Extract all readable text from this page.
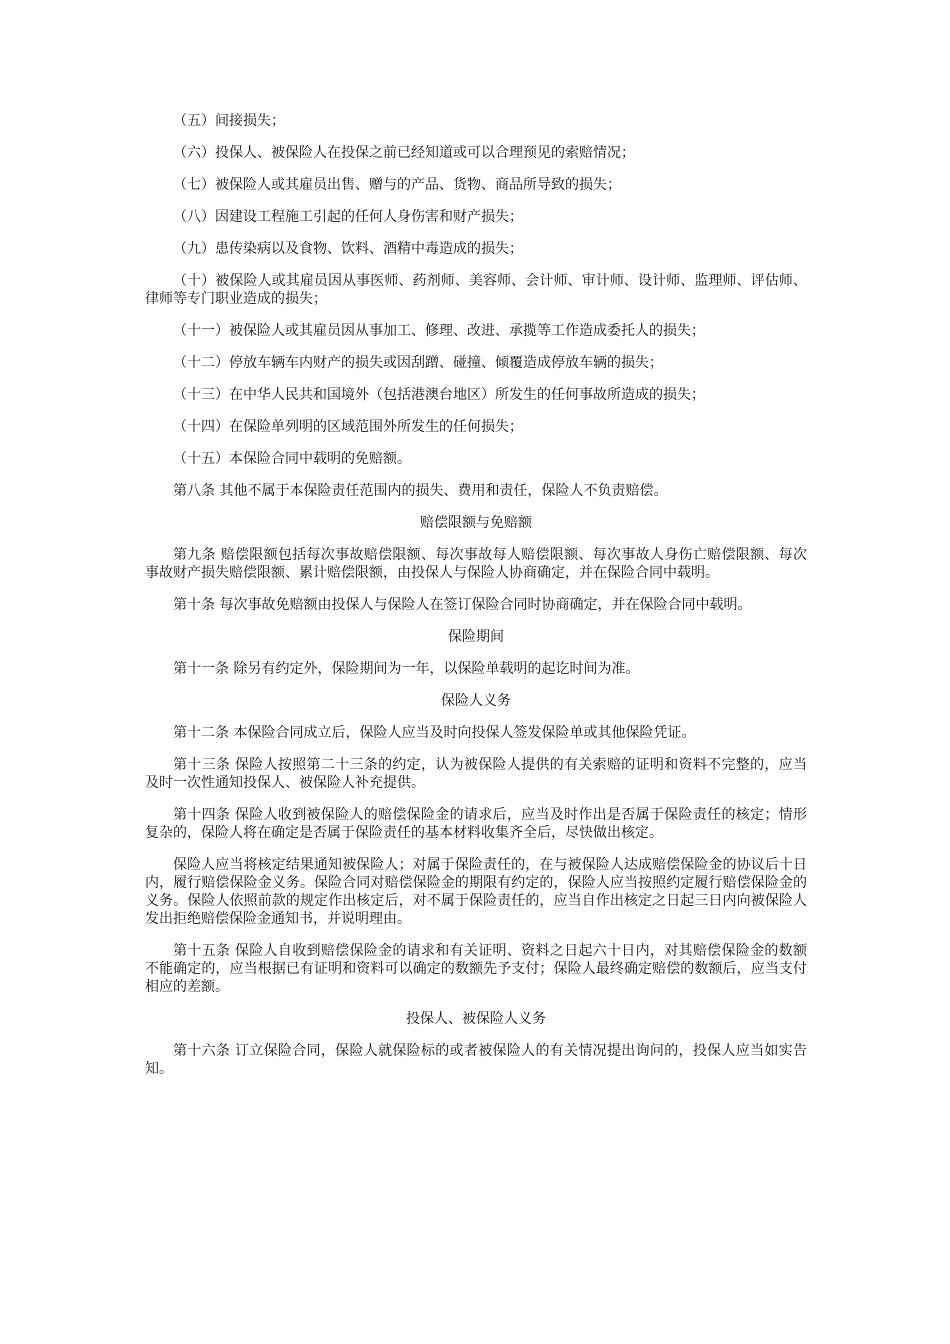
（五）间接损失；

（六）投保人、被保险人在投保之前已经知道或可以合理预见的索赔情况；

（七）被保险人或其雇员出售、赠与的产品、货物、商品所导致的损失；

（八）因建设工程施工引起的任何人身伤害和财产损失；

（九）患传染病以及食物、饮料、酒精中毒造成的损失；

（十）被保险人或其雇员因从事医师、药剂师、美容师、会计师、审计师、设计师、监理师、评估师、律师等专门职业造成的损失；

（十一）被保险人或其雇员因从事加工、修理、改进、承揽等工作造成委托人的损失；

（十二）停放车辆车内财产的损失或因刮蹭、碰撞、倾覆造成停放车辆的损失；

（十三）在中华人民共和国境外（包括港澳台地区）所发生的任何事故所造成的损失；

（十四）在保险单列明的区域范围外所发生的任何损失；

（十五）本保险合同中载明的免赔额。

第八条 其他不属于本保险责任范围内的损失、费用和责任，保险人不负责赔偿。

赔偿限额与免赔额

第九条 赔偿限额包括每次事故赔偿限额、每次事故每人赔偿限额、每次事故人身伤亡赔偿限额、每次事故财产损失赔偿限额、累计赔偿限额，由投保人与保险人协商确定，并在保险合同中载明。

第十条 每次事故免赔额由投保人与保险人在签订保险合同时协商确定，并在保险合同中载明。

保险期间

第十一条 除另有约定外，保险期间为一年，以保险单载明的起讫时间为准。

保险人义务

第十二条 本保险合同成立后，保险人应当及时向投保人签发保险单或其他保险凭证。

第十三条 保险人按照第二十三条的约定，认为被保险人提供的有关索赔的证明和资料不完整的，应当及时一次性通知投保人、被保险人补充提供。

第十四条 保险人收到被保险人的赔偿保险金的请求后，应当及时作出是否属于保险责任的核定；情形复杂的，保险人将在确定是否属于保险责任的基本材料收集齐全后，尽快做出核定。

保险人应当将核定结果通知被保险人；对属于保险责任的，在与被保险人达成赔偿保险金的协议后十日内，履行赔偿保险金义务。保险合同对赔偿保险金的期限有约定的，保险人应当按照约定履行赔偿保险金的义务。保险人依照前款的规定作出核定后，对不属于保险责任的，应当自作出核定之日起三日内向被保险人发出拒绝赔偿保险金通知书，并说明理由。

第十五条 保险人自收到赔偿保险金的请求和有关证明、资料之日起六十日内，对其赔偿保险金的数额不能确定的，应当根据已有证明和资料可以确定的数额先予支付；保险人最终确定赔偿的数额后，应当支付相应的差额。

投保人、被保险人义务

第十六条 订立保险合同，保险人就保险标的或者被保险人的有关情况提出询问的，投保人应当如实告知。
